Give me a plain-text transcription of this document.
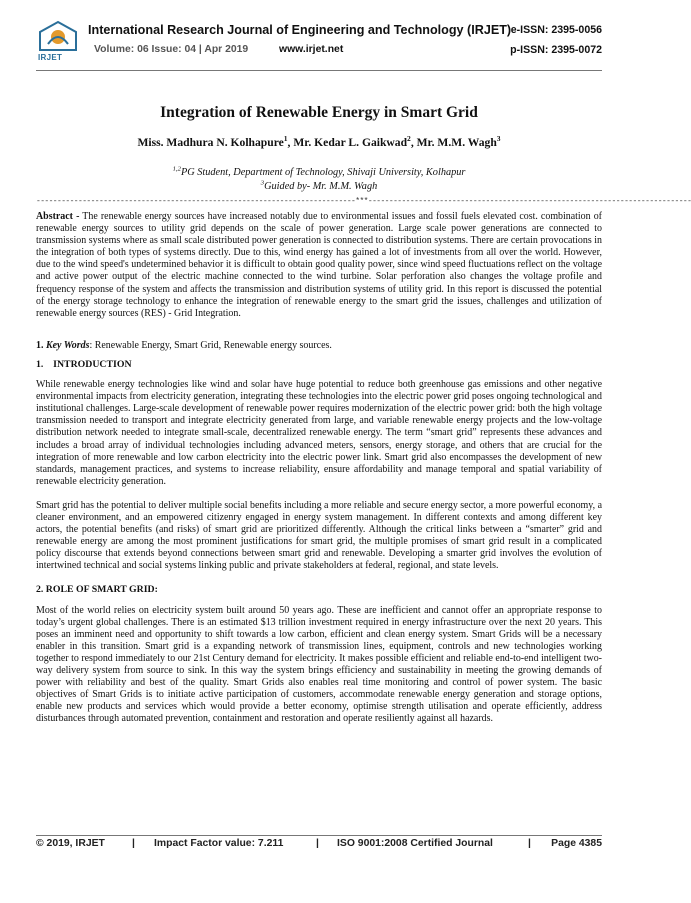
IRJET
International Research Journal of Engineering and Technology (IRJET) e-ISSN: 2395-0056
Volume: 06 Issue: 04 | Apr 2019	www.irjet.net	p-ISSN: 2395-0072
Integration of Renewable Energy in Smart Grid
Miss. Madhura N. Kolhapure$^1$, Mr. Kedar L. Gaikwad$^2$, Mr. M.M. Wagh$^3$
$^{1,2}$PG Student, Department of Technology, Shivaji University, Kolhapur
$^3$Guided by- Mr. M.M. Wagh
----------------------------------------------------------------------------***-----------------------------------------------------------------------------

Abstract - The renewable energy sources have increased notably due to environmental issues and fossil fuels elevated cost. combination of renewable energy sources to utility grid depends on the scale of power generation. Large scale power generations are connected to transmission systems where as small scale distributed power generation is connected to distribution systems. There are certain provocations in the integration of both types of systems directly. Due to this, wind energy has gained a lot of investments from all over the world. However, due to the wind speed's undetermined behavior it is difficult to obtain good quality power, since wind speed fluctuations reflect on the voltage and active power output of the electric machine connected to the wind turbine. Solar perforation also changes the voltage profile and frequency response of the system and affects the transmission and distribution systems of utility grid. In this report is discussed the potential of the energy storage technology to enhance the integration of renewable energy to the smart grid the issues, challenges and utilization of renewable energy sources (RES) - Grid Integration.

1. Key Words: Renewable Energy, Smart Grid, Renewable energy sources.

1.    INTRODUCTION

While renewable energy technologies like wind and solar have huge potential to reduce both greenhouse gas emissions and other negative environmental impacts from electricity generation, integrating these technologies into the electric power grid poses ongoing technological and institutional challenges. Large-scale development of renewable power requires modernization of the electric power grid: both the high voltage transmission needed to transport and integrate electricity generated from large, and variable renewable energy projects and the low-voltage distribution network needed to integrate small-scale, decentralized renewable energy. The term “smart grid” represents these advances and includes a broad array of individual technologies including advanced meters, sensors, energy storage, and others that are crucial for the integration of more renewable and low carbon electricity into the electric power link. Smart grid also encompasses the development of new standards, management practices, and systems to increase reliability, ensure affordability and manage temporal and spatial variability of renewable electricity generation.

Smart grid has the potential to deliver multiple social benefits including a more reliable and secure energy sector, a more powerful economy, a cleaner environment, and an empowered citizenry engaged in energy system management. In different contexts and among different key actors, the potential benefits (and risks) of smart grid are prioritized differently. Although the critical links between a “smarter” grid and renewable energy are among the most prominent justifications for smart grid, the multiple promises of smart grid result in a complicated policy discourse that extends beyond connections between smart grid and renewable. Developing a smarter grid involves the evolution of intertwined technical and social systems linking public and private stakeholders at federal, regional, and state levels.

2. ROLE OF SMART GRID:

Most of the world relies on electricity system built around 50 years ago. These are inefficient and cannot offer an appropriate response to today’s urgent global challenges. There is an estimated $13 trillion investment required in energy infrastructure over the next 20 years. This poses an imminent need and opportunity to shift towards a low carbon, efficient and clean energy system. Smart Grids will be a necessary enabler in this transition. Smart grid is a expanding network of transmission lines, equipment, controls and new technologies working together to respond immediately to our 21st Century demand for electricity. It makes possible efficient and reliable end-to-end intelligent two-way delivery system from source to sink. In this way the system brings efficiency and sustainability in meeting the growing demands of power with reliability and best of the quality. Smart Grids also enables real time monitoring and control of power system. The basic objectives of Smart Grids is to initiate active participation of customers, accommodate renewable energy generation and storage options, enable new products and services which would provide a better economy, optimise strength utilisation and operate efficiently, address disturbances through automated prevention, containment and restoration and operate resiliently against all hazards.

© 2019, IRJET	| Impact Factor value: 7.211	| ISO 9001:2008 Certified Journal	| Page 4385
